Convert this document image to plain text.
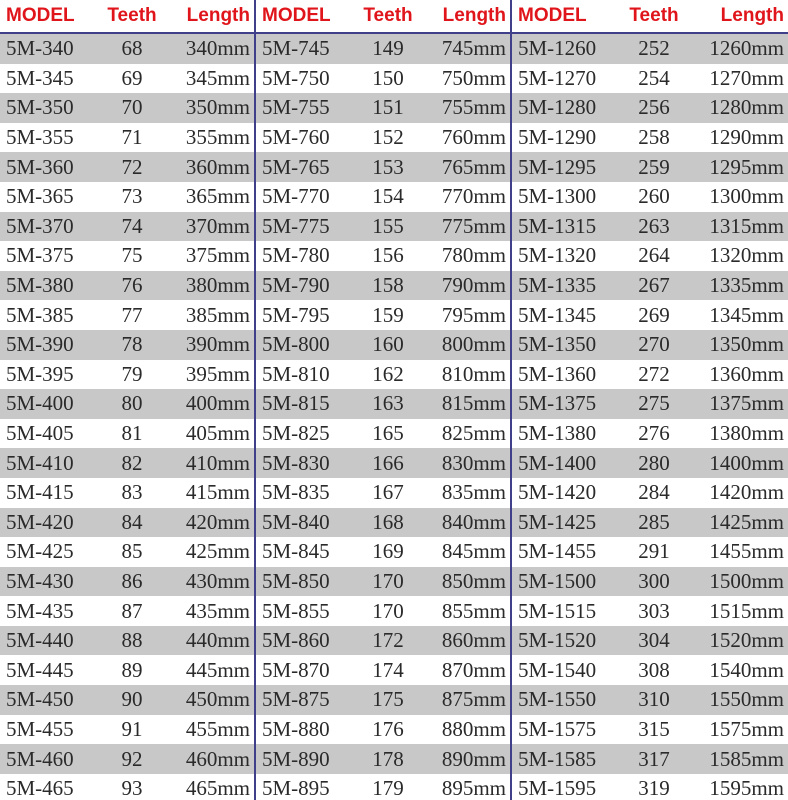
MODEL	Teeth	Length
5M-340	68	340mm
5M-345	69	345mm
5M-350	70	350mm
5M-355	71	355mm
5M-360	72	360mm
5M-365	73	365mm
5M-370	74	370mm
5M-375	75	375mm
5M-380	76	380mm
5M-385	77	385mm
5M-390	78	390mm
5M-395	79	395mm
5M-400	80	400mm
5M-405	81	405mm
5M-410	82	410mm
5M-415	83	415mm
5M-420	84	420mm
5M-425	85	425mm
5M-430	86	430mm
5M-435	87	435mm
5M-440	88	440mm
5M-445	89	445mm
5M-450	90	450mm
5M-455	91	455mm
5M-460	92	460mm
5M-465	93	465mm
MODEL	Teeth	Length
5M-745	149	745mm
5M-750	150	750mm
5M-755	151	755mm
5M-760	152	760mm
5M-765	153	765mm
5M-770	154	770mm
5M-775	155	775mm
5M-780	156	780mm
5M-790	158	790mm
5M-795	159	795mm
5M-800	160	800mm
5M-810	162	810mm
5M-815	163	815mm
5M-825	165	825mm
5M-830	166	830mm
5M-835	167	835mm
5M-840	168	840mm
5M-845	169	845mm
5M-850	170	850mm
5M-855	170	855mm
5M-860	172	860mm
5M-870	174	870mm
5M-875	175	875mm
5M-880	176	880mm
5M-890	178	890mm
5M-895	179	895mm
MODEL	Teeth	Length
5M-1260	252	1260mm
5M-1270	254	1270mm
5M-1280	256	1280mm
5M-1290	258	1290mm
5M-1295	259	1295mm
5M-1300	260	1300mm
5M-1315	263	1315mm
5M-1320	264	1320mm
5M-1335	267	1335mm
5M-1345	269	1345mm
5M-1350	270	1350mm
5M-1360	272	1360mm
5M-1375	275	1375mm
5M-1380	276	1380mm
5M-1400	280	1400mm
5M-1420	284	1420mm
5M-1425	285	1425mm
5M-1455	291	1455mm
5M-1500	300	1500mm
5M-1515	303	1515mm
5M-1520	304	1520mm
5M-1540	308	1540mm
5M-1550	310	1550mm
5M-1575	315	1575mm
5M-1585	317	1585mm
5M-1595	319	1595mm
